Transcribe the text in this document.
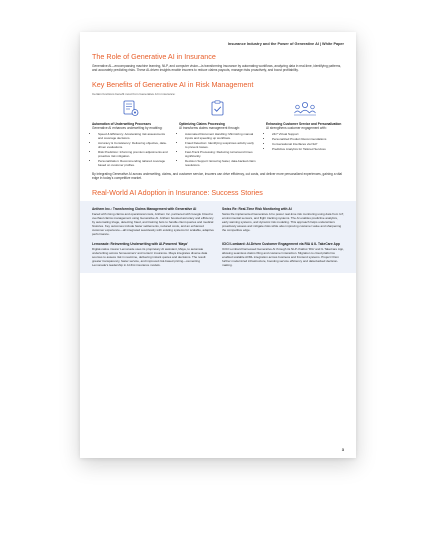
Insurance Industry and the Power of Generative AI | White Paper
The Role of Generative AI in Insurance

Generative AI—encompassing machine learning, NLP, and computer vision—is transforming insurance by automating workflows, analyzing data in real-time, identifying patterns, and accurately predicting risks. These AI-driven insights enable insurers to reduce claims payouts, manage risks proactively, and boost profitability.

Key Benefits of Generative AI in Risk Management
Certain functions benefit most from Generative AI in insurance:
Automation of Underwriting Processes
Generative AI enhances underwriting by enabling:
• Speed & Efficiency: Accelerating risk assessments and coverage decisions.
• Accuracy & Consistency: Delivering objective, data-driven evaluations.
• Risk Prediction: Informing premium adjustments and proactive risk mitigation.
• Personalization: Recommending tailored coverage based on customer profiles.
Optimizing Claims Processing
AI transforms claims management through:
• Automated Document Handling: Minimizing manual inputs and speeding up workflows.
• Fraud Detection: Identifying suspicious activity early to prevent losses.
• Fast-Track Processing: Reducing turnaround times significantly.
• Decision Support: Ensuring faster, data-backed claim resolutions.
Enhancing Customer Service and Personalization
AI strengthens customer engagement with:
• 24/7 Virtual Support
• Personalized Product Recommendations
• Conversational Interfaces via NLP
• Predictive Analytics for Tailored Services

By integrating Generative AI across underwriting, claims, and customer service, insurers can drive efficiency, cut costs, and deliver more personalized experiences, gaining a vital edge in today's competitive market.

Real-World AI Adoption in Insurance: Success Stories
Anthem Inc.: Transforming Claims Management with Generative AI
Faced with rising claims and operational costs, Anthem Inc. partnered with Google Cloud to overhaul claims management using Generative AI. Anthem boosted accuracy and efficiency by automating triage, detecting fraud, and training bots to handle client queries and medical histories. Key outcomes include faster settlements, reduced costs, and an enhanced customer experience—all integrated seamlessly with existing systems for scalable, adaptive performance.
Swiss Re: Real-Time Risk Monitoring with AI
Swiss Re implemented Generative AI to power real-time risk monitoring using data from IoT, environmental sensors, and flight tracking systems. The AI enables predictive analytics, early warning systems, and dynamic risk modeling. This approach helps underwriters proactively assess and mitigate risks while also improving customer value and sharpening the competitive edge.
Lemonade: Reinventing Underwriting with AI-Powered 'Maya'
Digital-native insurer Lemonade uses its proprietary AI assistant, Maya, to automate underwriting across homeowners' and renters' insurance. Maya integrates diverse data sources to assess risk in real-time, delivering instant quotes and decisions. The result: greater transparency, faster service, and improved risk-based pricing—cementing Lemonade's leadership in AI-first insurance models.
ICICI Lombard: AI-Driven Customer Engagement via RIA & IL TakeCare App
ICICI Lombard harnessed Generative AI through its NLP chatbot 'RIA' and IL TakeCare App, allowing seamless claims filing and customer interaction. Migration to cloud platforms enabled scalable AI/ML integration across business and frontend systems. Project Orion further modernized infrastructure, boosting service efficiency and data-backed decision-making.
3
